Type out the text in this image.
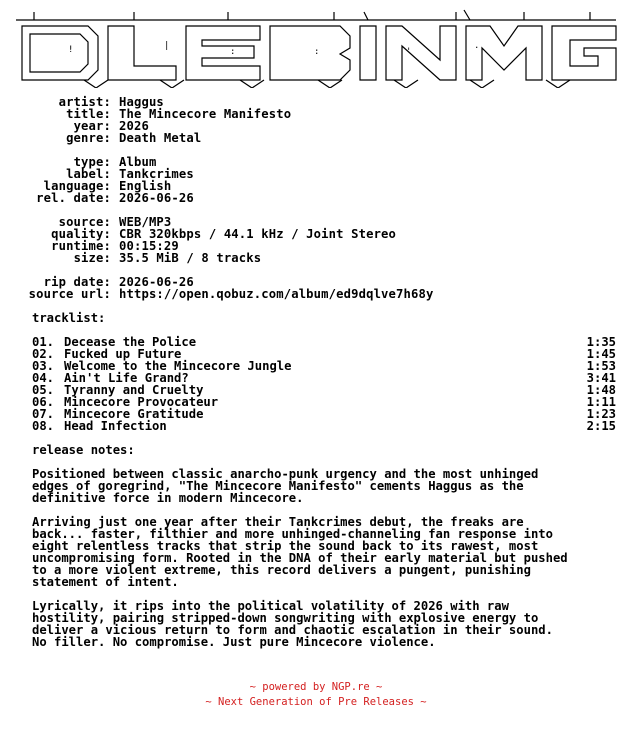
!	|
:	:	'
.
artist: Haggus
title: The Mincecore Manifesto
year: 2026
genre: Death Metal
type: Album
label: Tankcrimes
language: English
rel. date: 2026-06-26
source: WEB/MP3
quality: CBR 320kbps / 44.1 kHz / Joint Stereo
runtime: 00:15:29
size: 35.5 MiB / 8 tracks
rip date: 2026-06-26
source url: https://open.qobuz.com/album/ed9dqlve7h68y
tracklist:
01. Decease the Police	1:35
02. Fucked up Future	1:45
03. Welcome to the Mincecore Jungle	1:53
04. Ain't Life Grand?	3:41
05. Tyranny and Cruelty	1:48
06. Mincecore Provocateur	1:11
07. Mincecore Gratitude	1:23
08. Head Infection	2:15
release notes:
Positioned between classic anarcho-punk urgency and the most unhinged
edges of goregrind, "The Mincecore Manifesto" cements Haggus as the
definitive force in modern Mincecore.
Arriving just one year after their Tankcrimes debut, the freaks are
back... faster, filthier and more unhinged-channeling fan response into
eight relentless tracks that strip the sound back to its rawest, most
uncompromising form. Rooted in the DNA of their early material but pushed
to a more violent extreme, this record delivers a pungent, punishing
statement of intent.
Lyrically, it rips into the political volatility of 2026 with raw
hostility, pairing stripped-down songwriting with explosive energy to
deliver a vicious return to form and chaotic escalation in their sound.
No filler. No compromise. Just pure Mincecore violence.
~ powered by NGP.re ~
~ Next Generation of Pre Releases ~
